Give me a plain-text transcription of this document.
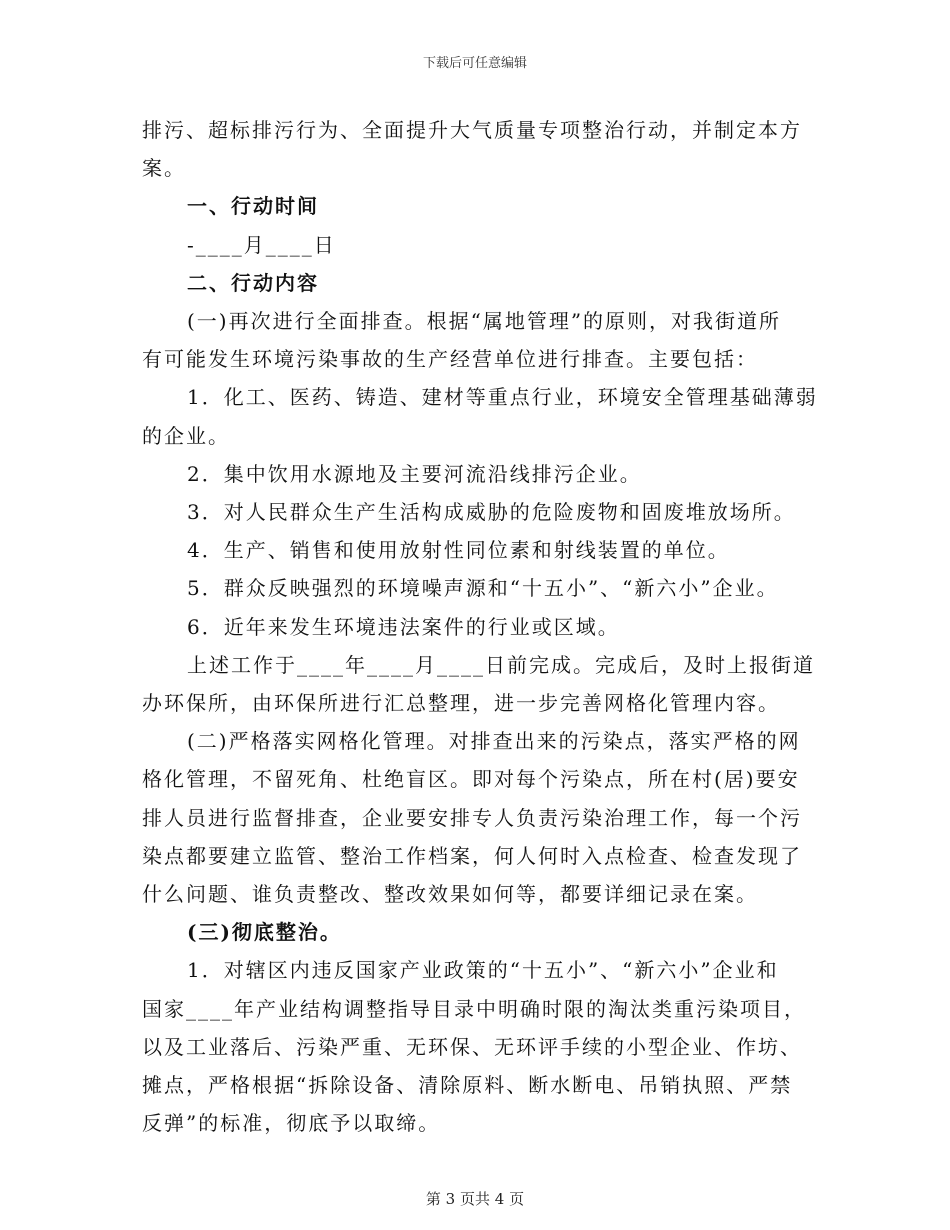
下载后可任意编辑

排污、超标排污行为、全面提升大气质量专项整治行动，并制定本方

案。

一、行动时间

-____月____日

二、行动内容

(一)再次进行全面排查。根据“属地管理”的原则，对我街道所

有可能发生环境污染事故的生产经营单位进行排查。主要包括：

1．化工、医药、铸造、建材等重点行业，环境安全管理基础薄弱

的企业。

2．集中饮用水源地及主要河流沿线排污企业。

3．对人民群众生产生活构成威胁的危险废物和固废堆放场所。

4．生产、销售和使用放射性同位素和射线装置的单位。

5．群众反映强烈的环境噪声源和“十五小”、“新六小”企业。

6．近年来发生环境违法案件的行业或区域。

上述工作于____年____月____日前完成。完成后，及时上报街道

办环保所，由环保所进行汇总整理，进一步完善网格化管理内容。

(二)严格落实网格化管理。对排查出来的污染点，落实严格的网

格化管理，不留死角、杜绝盲区。即对每个污染点，所在村(居)要安

排人员进行监督排查，企业要安排专人负责污染治理工作，每一个污

染点都要建立监管、整治工作档案，何人何时入点检查、检查发现了

什么问题、谁负责整改、整改效果如何等，都要详细记录在案。

(三)彻底整治。

1．对辖区内违反国家产业政策的“十五小”、“新六小”企业和

国家____年产业结构调整指导目录中明确时限的淘汰类重污染项目，

以及工业落后、污染严重、无环保、无环评手续的小型企业、作坊、

摊点，严格根据“拆除设备、清除原料、断水断电、吊销执照、严禁

反弹”的标准，彻底予以取缔。

第 3 页共 4 页
